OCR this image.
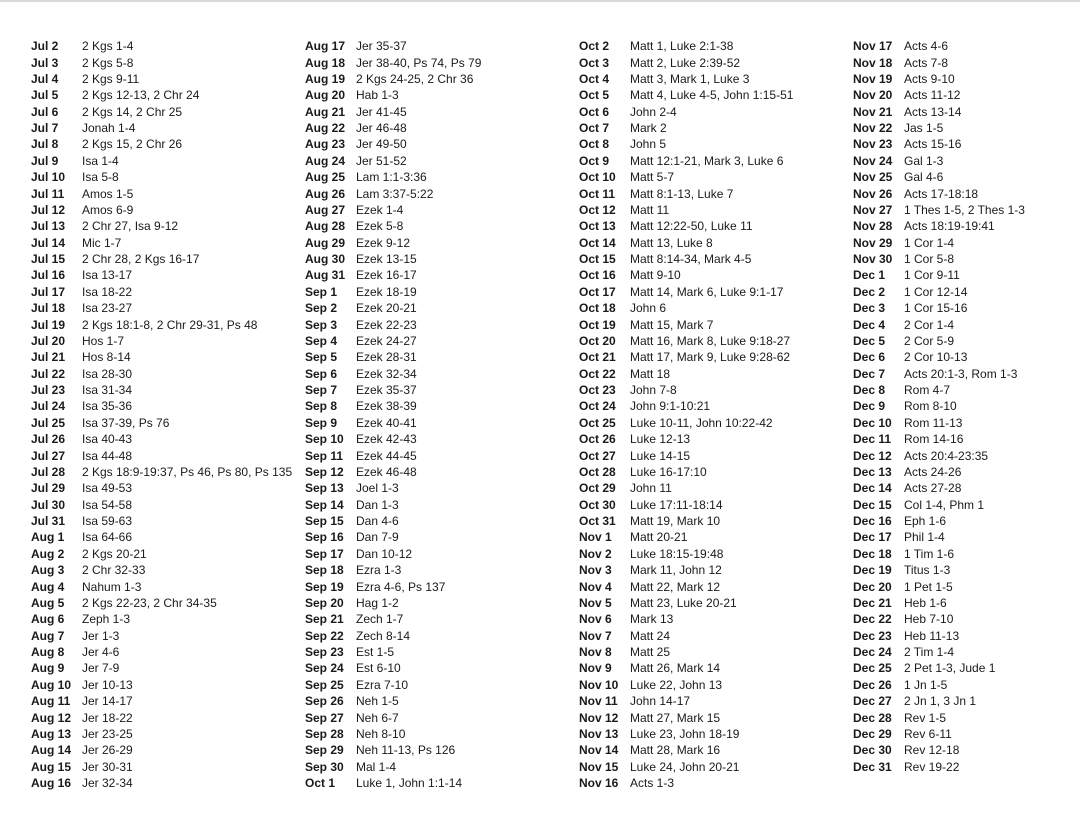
Jul 2	2 Kgs 1-4
Jul 3	2 Kgs 5-8
Jul 4	2 Kgs 9-11
Jul 5	2 Kgs 12-13, 2 Chr 24
Jul 6	2 Kgs 14, 2 Chr 25
Jul 7	Jonah 1-4
Jul 8	2 Kgs 15, 2 Chr 26
Jul 9	Isa 1-4
Jul 10	Isa 5-8
Jul 11	Amos 1-5
Jul 12	Amos 6-9
Jul 13	2 Chr 27, Isa 9-12
Jul 14	Mic 1-7
Jul 15	2 Chr 28, 2 Kgs 16-17
Jul 16	Isa 13-17
Jul 17	Isa 18-22
Jul 18	Isa 23-27
Jul 19	2 Kgs 18:1-8, 2 Chr 29-31, Ps 48
Jul 20	Hos 1-7
Jul 21	Hos 8-14
Jul 22	Isa 28-30
Jul 23	Isa 31-34
Jul 24	Isa 35-36
Jul 25	Isa 37-39, Ps 76
Jul 26	Isa 40-43
Jul 27	Isa 44-48
Jul 28	2 Kgs 18:9-19:37, Ps 46, Ps 80, Ps 135
Jul 29	Isa 49-53
Jul 30	Isa 54-58
Jul 31	Isa 59-63
Aug 1	Isa 64-66
Aug 2	2 Kgs 20-21
Aug 3	2 Chr 32-33
Aug 4	Nahum 1-3
Aug 5	2 Kgs 22-23, 2 Chr 34-35
Aug 6	Zeph 1-3
Aug 7	Jer 1-3
Aug 8	Jer 4-6
Aug 9	Jer 7-9
Aug 10 Jer 10-13
Aug 11 Jer 14-17
Aug 12 Jer 18-22
Aug 13 Jer 23-25
Aug 14 Jer 26-29
Aug 15 Jer 30-31
Aug 16 Jer 32-34
Aug 17 Jer 35-37
Aug 18 Jer 38-40, Ps 74, Ps 79
Aug 19 2 Kgs 24-25, 2 Chr 36
Aug 20 Hab 1-3
Aug 21 Jer 41-45
Aug 22 Jer 46-48
Aug 23 Jer 49-50
Aug 24 Jer 51-52
Aug 25 Lam 1:1-3:36
Aug 26 Lam 3:37-5:22
Aug 27 Ezek 1-4
Aug 28 Ezek 5-8
Aug 29 Ezek 9-12
Aug 30 Ezek 13-15
Aug 31 Ezek 16-17
Sep 1	Ezek 18-19
Sep 2	Ezek 20-21
Sep 3	Ezek 22-23
Sep 4	Ezek 24-27
Sep 5	Ezek 28-31
Sep 6	Ezek 32-34
Sep 7	Ezek 35-37
Sep 8	Ezek 38-39
Sep 9	Ezek 40-41
Sep 10	Ezek 42-43
Sep 11	Ezek 44-45
Sep 12	Ezek 46-48
Sep 13	Joel 1-3
Sep 14	Dan 1-3
Sep 15	Dan 4-6
Sep 16	Dan 7-9
Sep 17	Dan 10-12
Sep 18	Ezra 1-3
Sep 19	Ezra 4-6, Ps 137
Sep 20	Hag 1-2
Sep 21	Zech 1-7
Sep 22	Zech 8-14
Sep 23	Est 1-5
Sep 24	Est 6-10
Sep 25	Ezra 7-10
Sep 26	Neh 1-5
Sep 27	Neh 6-7
Sep 28	Neh 8-10
Sep 29	Neh 11-13, Ps 126
Sep 30	Mal 1-4
Oct 1	Luke 1, John 1:1-14
Oct 2	Matt 1, Luke 2:1-38
Oct 3	Matt 2, Luke 2:39-52
Oct 4	Matt 3, Mark 1, Luke 3
Oct 5	Matt 4, Luke 4-5, John 1:15-51
Oct 6	John 2-4
Oct 7	Mark 2
Oct 8	John 5
Oct 9	Matt 12:1-21, Mark 3, Luke 6
Oct 10	Matt 5-7
Oct 11	Matt 8:1-13, Luke 7
Oct 12	Matt 11
Oct 13	Matt 12:22-50, Luke 11
Oct 14	Matt 13, Luke 8
Oct 15	Matt 8:14-34, Mark 4-5
Oct 16	Matt 9-10
Oct 17	Matt 14, Mark 6, Luke 9:1-17
Oct 18	John 6
Oct 19	Matt 15, Mark 7
Oct 20	Matt 16, Mark 8, Luke 9:18-27
Oct 21	Matt 17, Mark 9, Luke 9:28-62
Oct 22	Matt 18
Oct 23	John 7-8
Oct 24	John 9:1-10:21
Oct 25	Luke 10-11, John 10:22-42
Oct 26	Luke 12-13
Oct 27	Luke 14-15
Oct 28	Luke 16-17:10
Oct 29	John 11
Oct 30	Luke 17:11-18:14
Oct 31	Matt 19, Mark 10
Nov 1	Matt 20-21
Nov 2	Luke 18:15-19:48
Nov 3	Mark 11, John 12
Nov 4	Matt 22, Mark 12
Nov 5	Matt 23, Luke 20-21
Nov 6	Mark 13
Nov 7	Matt 24
Nov 8	Matt 25
Nov 9	Matt 26, Mark 14
Nov 10 Luke 22, John 13
Nov 11	John 14-17
Nov 12 Matt 27, Mark 15
Nov 13 Luke 23, John 18-19
Nov 14 Matt 28, Mark 16
Nov 15 Luke 24, John 20-21
Nov 16 Acts 1-3
Nov 17 Acts 4-6
Nov 18 Acts 7-8
Nov 19 Acts 9-10
Nov 20 Acts 11-12
Nov 21 Acts 13-14
Nov 22 Jas 1-5
Nov 23 Acts 15-16
Nov 24 Gal 1-3
Nov 25 Gal 4-6
Nov 26 Acts 17-18:18
Nov 27 1 Thes 1-5, 2 Thes 1-3
Nov 28 Acts 18:19-19:41
Nov 29 1 Cor 1-4
Nov 30 1 Cor 5-8
Dec 1	1 Cor 9-11
Dec 2	1 Cor 12-14
Dec 3	1 Cor 15-16
Dec 4	2 Cor 1-4
Dec 5	2 Cor 5-9
Dec 6	2 Cor 10-13
Dec 7	Acts 20:1-3, Rom 1-3
Dec 8	Rom 4-7
Dec 9	Rom 8-10
Dec 10	Rom 11-13
Dec 11	Rom 14-16
Dec 12	Acts 20:4-23:35
Dec 13	Acts 24-26
Dec 14	Acts 27-28
Dec 15	Col 1-4, Phm 1
Dec 16	Eph 1-6
Dec 17	Phil 1-4
Dec 18	1 Tim 1-6
Dec 19	Titus 1-3
Dec 20	1 Pet 1-5
Dec 21	Heb 1-6
Dec 22	Heb 7-10
Dec 23	Heb 11-13
Dec 24	2 Tim 1-4
Dec 25	2 Pet 1-3, Jude 1
Dec 26	1 Jn 1-5
Dec 27	2 Jn 1, 3 Jn 1
Dec 28	Rev 1-5
Dec 29	Rev 6-11
Dec 30	Rev 12-18
Dec 31	Rev 19-22
